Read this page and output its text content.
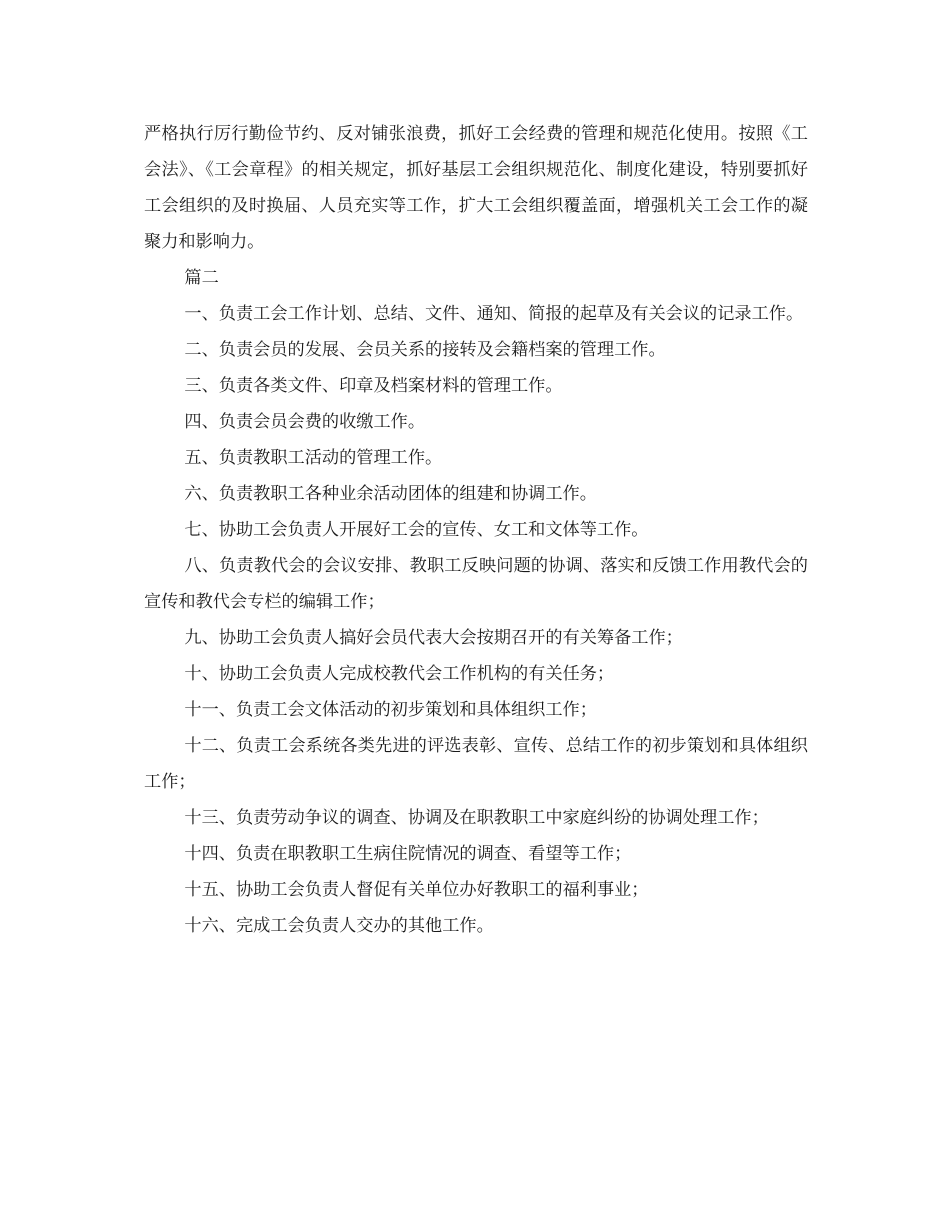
严格执行厉行勤俭节约、反对铺张浪费，抓好工会经费的管理和规范化使用。按照《工会法》、《工会章程》的相关规定，抓好基层工会组织规范化、制度化建设，特别要抓好工会组织的及时换届、人员充实等工作，扩大工会组织覆盖面，增强机关工会工作的凝聚力和影响力。

篇二

一、负责工会工作计划、总结、文件、通知、简报的起草及有关会议的记录工作。

二、负责会员的发展、会员关系的接转及会籍档案的管理工作。

三、负责各类文件、印章及档案材料的管理工作。

四、负责会员会费的收缴工作。

五、负责教职工活动的管理工作。

六、负责教职工各种业余活动团体的组建和协调工作。

七、协助工会负责人开展好工会的宣传、女工和文体等工作。

八、负责教代会的会议安排、教职工反映问题的协调、落实和反馈工作用教代会的宣传和教代会专栏的编辑工作；

九、协助工会负责人搞好会员代表大会按期召开的有关筹备工作；

十、协助工会负责人完成校教代会工作机构的有关任务；

十一、负责工会文体活动的初步策划和具体组织工作；

十二、负责工会系统各类先进的评选表彰、宣传、总结工作的初步策划和具体组织工作；

十三、负责劳动争议的调查、协调及在职教职工中家庭纠纷的协调处理工作；

十四、负责在职教职工生病住院情况的调查、看望等工作；

十五、协助工会负责人督促有关单位办好教职工的福利事业；

十六、完成工会负责人交办的其他工作。
